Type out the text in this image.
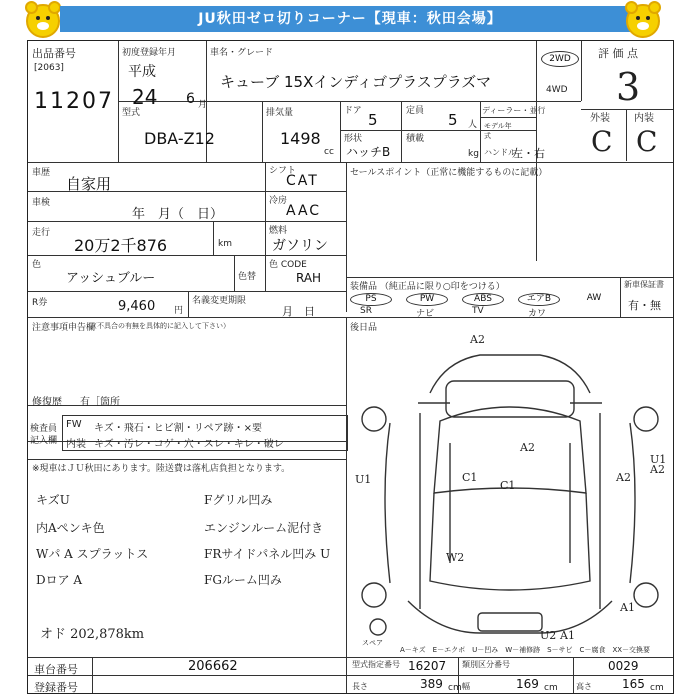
JU秋田ゼロ切りコーナー【現車：秋田会場】
出品番号
[2063]
11207
初度登録年月
平成
24 6 月
車名・グレード
キューブ 15Xインディゴプラスプラズマ
2WD
4WD
評 価 点
3
外装 内装
C C
型式
DBA-Z12
排気量
1498
cc
ドア 5	定員 5 人
ディーラー・並行
形状
ハッチB
積載
kg
モデル年式
ハンドル
左・右
車歴
自家用
シフト
CAT	セールスポイント（正常に機能するものに記載）
車検
年　月（　日）
冷房
AAC
走行
20万2千876	km
燃料
ガソリン
色
アッシュブルー	色替
色 CODE
RAH
R券	9,460 円
名義変更期限
月　日
装備品 （純正品に限り○印をつける）
PS	PW	ABS	エアB	AW
SR	ナビ	TV	カワ
新車保証書
有・無
注意事項申告欄
（不具合の有無を具体的に記入して下さい）	後日品
修復歴 有［箇所
検査員
記入欄
FW キズ・飛石・ヒビ割・リペア跡・×要
内装 キズ・汚レ・コゲ・穴・スレ・キレ・破レ
※現車はＪＵ秋田にあります。陸送費は落札店負担となります。
キズU
内Aペンキ色
Wパ A スプラットス
Dロア A
オド 202,878km
Fグリル凹み
エンジンルーム泥付き
FRサイドパネル凹み U
FGルーム凹み
A2
A2
C1
C1
A2
U1
A2
U1
W2
A1
U2 A1
スペア
A－キズ　E－エクボ　U－凹み　W－補修跡　S－サビ　C－腐食　XX－交換要
車台番号	206662
登録番号
型式指定番号 16207 類別区分番号	0029
長さ	389 cm 幅	169 cm 高さ	165 cm
